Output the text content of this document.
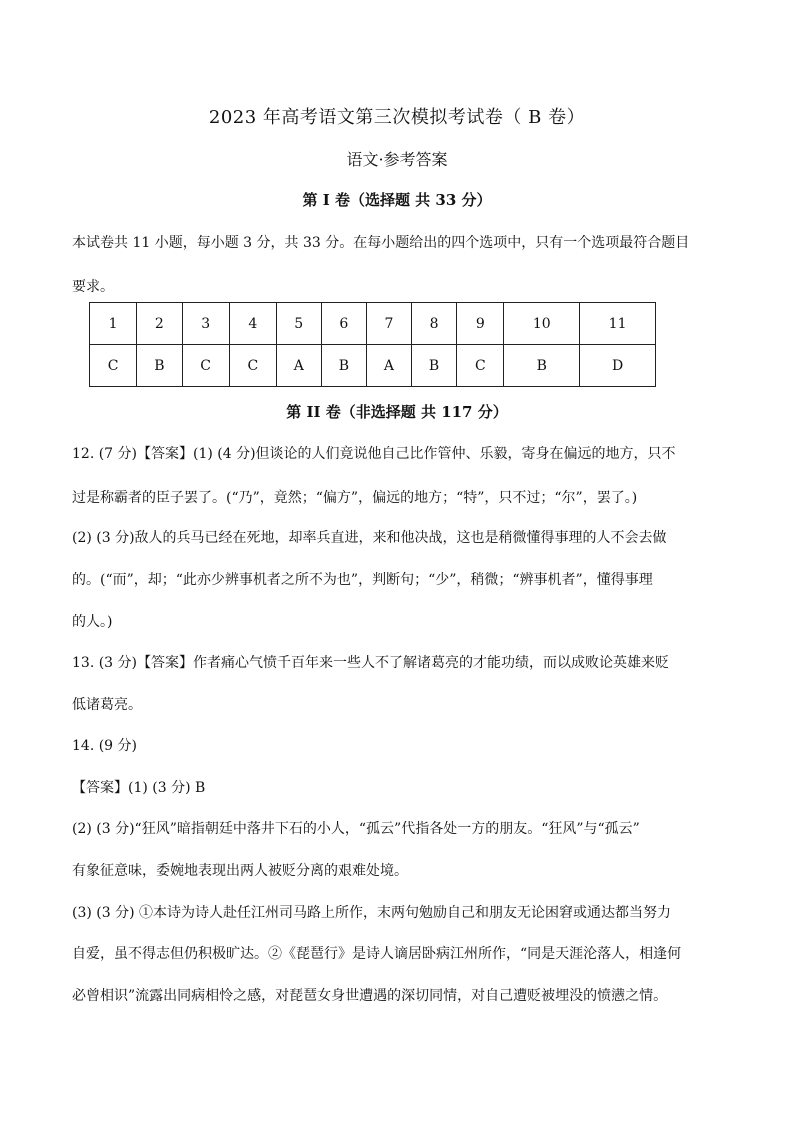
2023 年高考语文第三次模拟考试卷（ B 卷）
语文·参考答案
第 I 卷（选择题 共 33 分）
本试卷共 11 小题，每小题 3 分，共 33 分。在每小题给出的四个选项中，只有一个选项最符合题目
要求。
1	2	3	4	5	6	7	8	9	10	11
C	B	C	C	A	B	A	B	C	B	D
第 II 卷（非选择题 共 117 分）
12. (7 分)【答案】(1) (4 分)但谈论的人们竟说他自己比作管仲、乐毅，寄身在偏远的地方，只不
过是称霸者的臣子罢了。(“乃”，竟然；“偏方”，偏远的地方；“特”，只不过；“尔”，罢了。)
(2) (3 分)敌人的兵马已经在死地，却率兵直进，来和他决战，这也是稍微懂得事理的人不会去做
的。(“而”，却；“此亦少辨事机者之所不为也”，判断句；“少”，稍微；“辨事机者”，懂得事理
的人。)
13. (3 分)【答案】作者痛心气愤千百年来一些人不了解诸葛亮的才能功绩，而以成败论英雄来贬
低诸葛亮。
14. (9 分)
【答案】(1) (3 分) B
(2) (3 分)“狂风”暗指朝廷中落井下石的小人，“孤云”代指各处一方的朋友。“狂风”与“孤云”
有象征意味，委婉地表现出两人被贬分离的艰难处境。
(3) (3 分) ①本诗为诗人赴任江州司马路上所作，末两句勉励自己和朋友无论困窘或通达都当努力
自爱，虽不得志但仍积极旷达。②《琵琶行》是诗人谪居卧病江州所作，“同是天涯沦落人，相逢何
必曾相识”流露出同病相怜之感，对琵琶女身世遭遇的深切同情，对自己遭贬被埋没的愤懑之情。
